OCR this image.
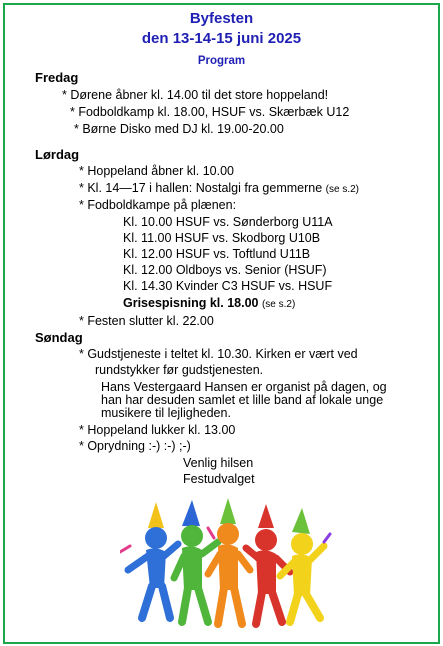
Byfesten
den 13-14-15 juni 2025
Program
Fredag
* Dørene åbner kl. 14.00 til det store hoppeland!
* Fodboldkamp kl. 18.00, HSUF vs. Skærbæk U12
* Børne Disko med DJ kl. 19.00-20.00
Lørdag
* Hoppeland åbner kl. 10.00
* Kl. 14—17 i hallen: Nostalgi fra gemmerne (se s.2)
* Fodboldkampe på plænen:
Kl. 10.00 HSUF vs. Sønderborg U11A
Kl. 11.00 HSUF vs. Skodborg U10B
Kl. 12.00 HSUF vs. Toftlund U11B
Kl. 12.00 Oldboys vs. Senior (HSUF)
Kl. 14.30 Kvinder C3 HSUF vs. HSUF
Grisespisning kl. 18.00 (se s.2)
* Festen slutter kl. 22.00
Søndag
* Gudstjeneste i teltet kl. 10.30. Kirken er vært ved
rundstykker før gudstjenesten.
Hans Vestergaard Hansen er organist på dagen, og
han har desuden samlet et lille band af lokale unge
musikere til lejligheden.
* Hoppeland lukker kl. 13.00
* Oprydning :-) :-) ;-)
Venlig hilsen
Festudvalget
